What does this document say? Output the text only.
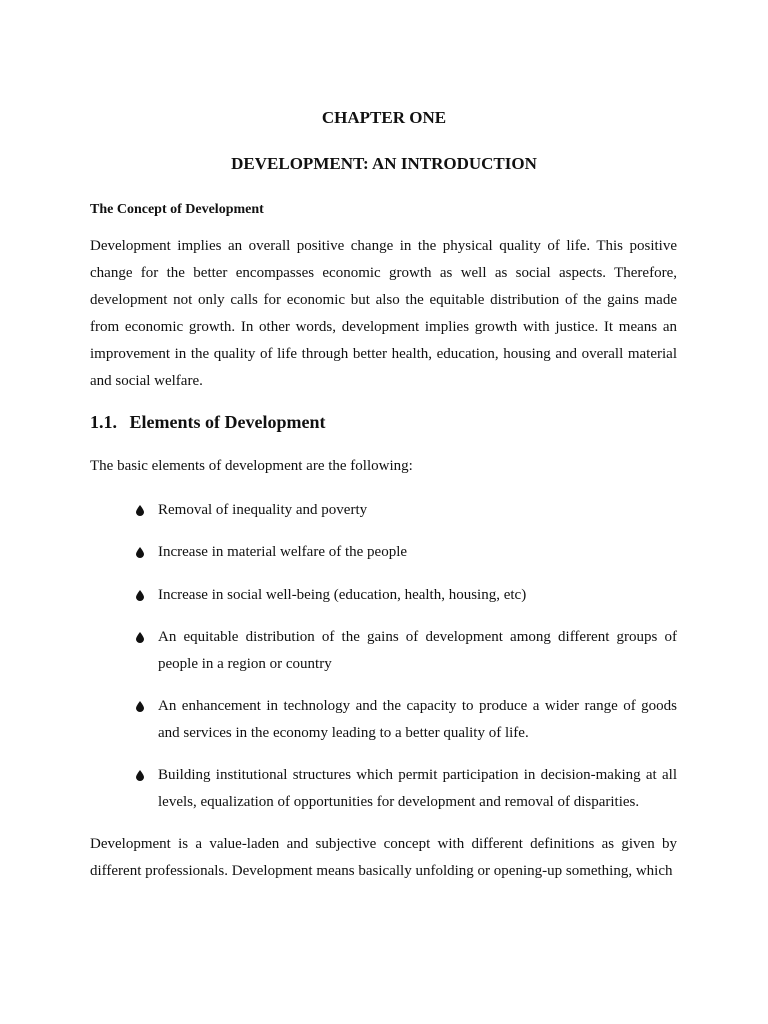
CHAPTER ONE
DEVELOPMENT: AN INTRODUCTION
The Concept of Development

Development implies an overall positive change in the physical quality of life. This positive change for the better encompasses economic growth as well as social aspects. Therefore, development not only calls for economic but also the equitable distribution of the gains made from economic growth. In other words, development implies growth with justice. It means an improvement in the quality of life through better health, education, housing and overall material and social welfare.

1.1. Elements of Development

The basic elements of development are the following:

Removal of inequality and poverty
Increase in material welfare of the people
Increase in social well-being (education, health, housing, etc)
An equitable distribution of the gains of development among different groups of people in a region or country
An enhancement in technology and the capacity to produce a wider range of goods and services in the economy leading to a better quality of life.
Building institutional structures which permit participation in decision-making at all levels, equalization of opportunities for development and removal of disparities.

Development is a value-laden and subjective concept with different definitions as given by different professionals. Development means basically unfolding or opening-up something, which
